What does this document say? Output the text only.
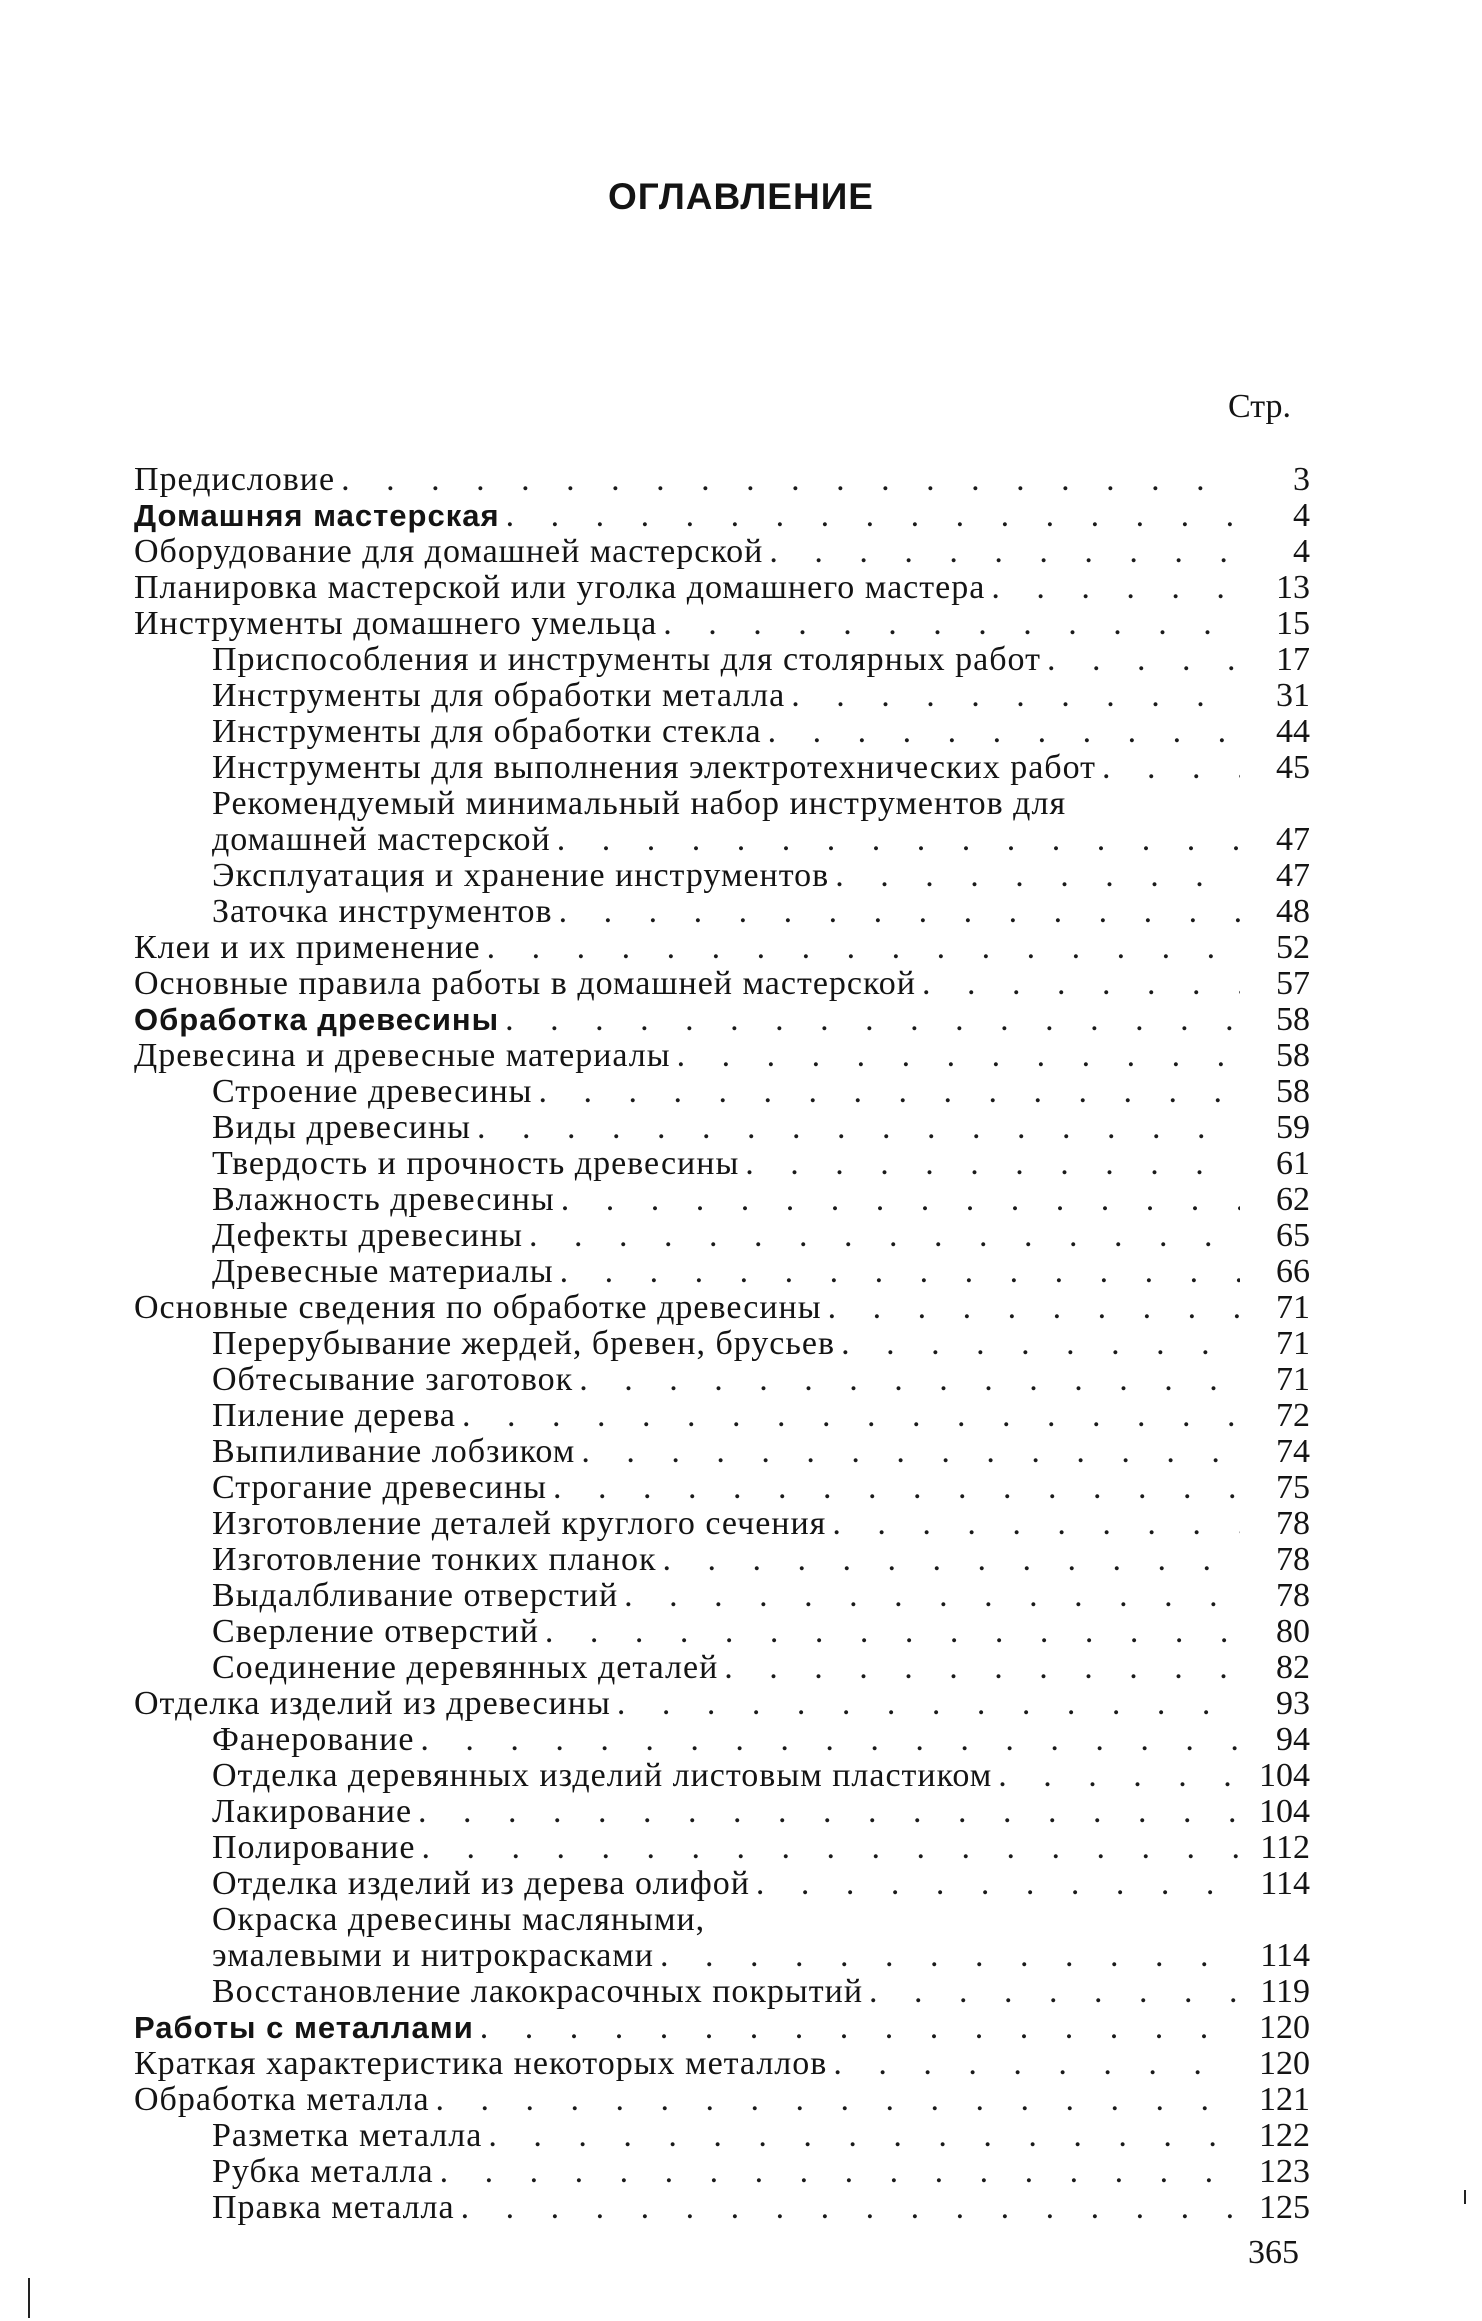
ОГЛАВЛЕНИЕ
Стр.
Предисловие . . .	3
Домашняя мастерская . . .	4
Оборудование для домашней мастерской . . .	4
Планировка мастерской или уголка домашнего мастера . . .	13
Инструменты домашнего умельца . . .	15
Приспособления и инструменты для столярных работ . . .	17
Инструменты для обработки металла . . .	31
Инструменты для обработки стекла . . .	44
Инструменты для выполнения электротехнических работ . . .	45
Рекомендуемый минимальный набор инструментов для
домашней мастерской . . .	47
Эксплуатация и хранение инструментов . . .	47
Заточка инструментов . . .	48
Клеи и их применение . . .	52
Основные правила работы в домашней мастерской . . .	57
Обработка древесины . . .	58
Древесина и древесные материалы . . .	58
Строение древесины . . .	58
Виды древесины . . .	59
Твердость и прочность древесины . . .	61
Влажность древесины . . .	62
Дефекты древесины . . .	65
Древесные материалы . . .	66
Основные сведения по обработке древесины . . .	71
Перерубывание жердей, бревен, брусьев . . .	71
Обтесывание заготовок . . .	71
Пиление дерева . . .	72
Выпиливание лобзиком . . .	74
Строгание древесины . . .	75
Изготовление деталей круглого сечения . . .	78
Изготовление тонких планок . . .	78
Выдалбливание отверстий . . .	78
Сверление отверстий . . .	80
Соединение деревянных деталей . . .	82
Отделка изделий из древесины . . .	93
Фанерование . . .	94
Отделка деревянных изделий листовым пластиком . . .	104
Лакирование . . .	104
Полирование . . .	112
Отделка изделий из дерева олифой . . .	114
Окраска древесины масляными,
эмалевыми и нитрокрасками . . .	114
Восстановление лакокрасочных покрытий . . .	119
Работы с металлами . . .	120
Краткая характеристика некоторых металлов . . .	120
Обработка металла . . .	121
Разметка металла . . .	122
Рубка металла . . .	123
Правка металла . . .	125
365
